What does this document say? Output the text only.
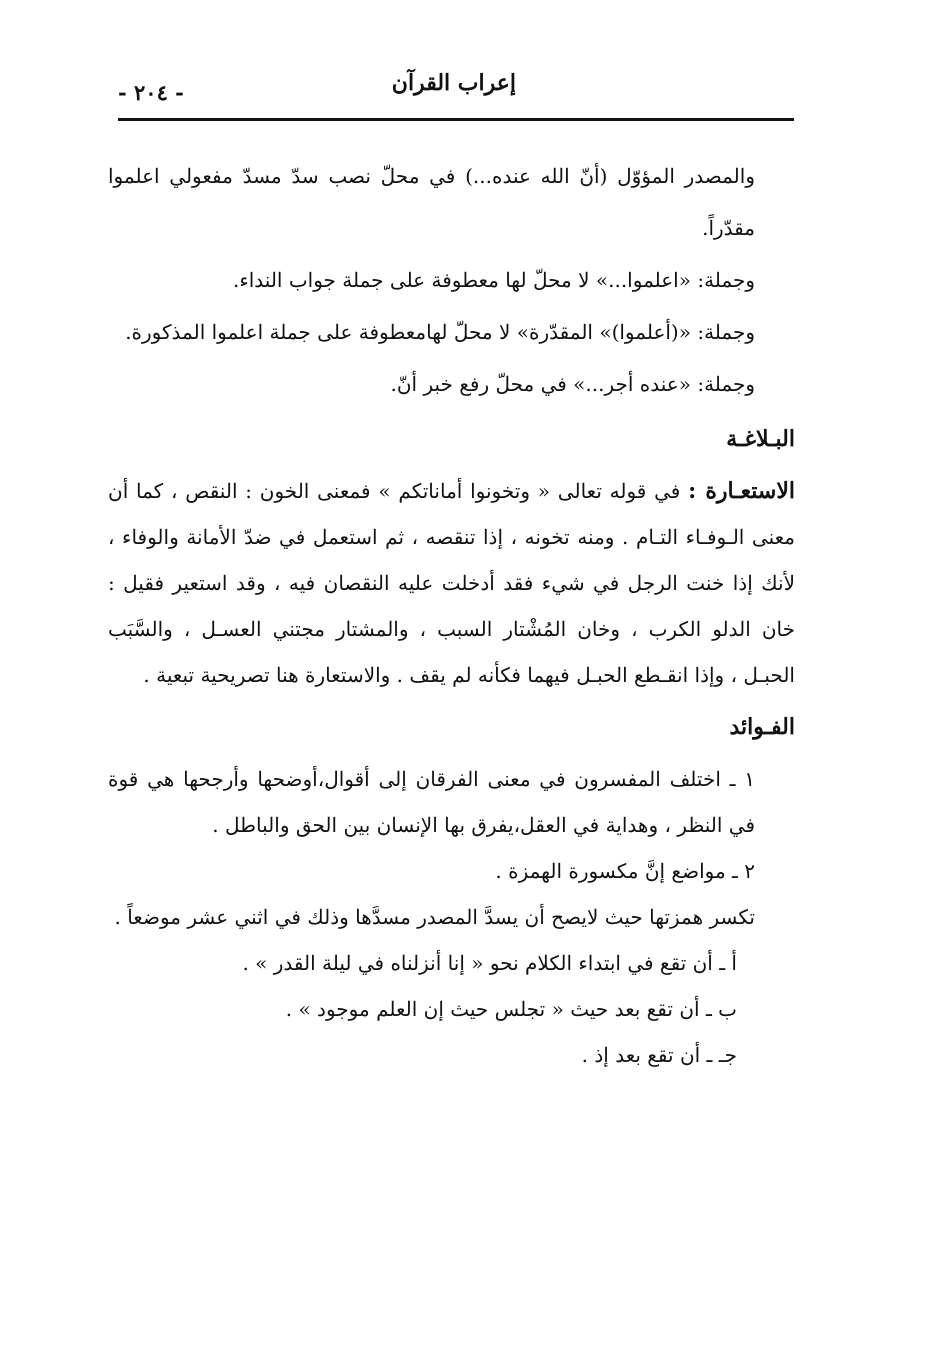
إعراب القرآن
- ٢٠٤ -

والمصدر المؤوّل (أنّ الله عنده...) في محلّ نصب سدّ مسدّ مفعولي اعلموا مقدّراً.

وجملة: «اعلموا...» لا محلّ لها معطوفة على جملة جواب النداء.

وجملة: «(أعلموا)» المقدّرة» لا محلّ لهامعطوفة على جملة اعلموا المذكورة.

وجملة: «عنده أجر...» في محلّ رفع خبر أنّ.

البـلاغـة

الاستعـارة : في قوله تعالى « وتخونوا أماناتكم » فمعنى الخون : النقص ، كما أن معنى الـوفـاء التـام . ومنه تخونه ، إذا تنقصه ، ثم استعمل في ضدّ الأمانة والوفاء ، لأنك إذا خنت الرجل في شيء فقد أدخلت عليه النقصان فيه ، وقد استعير فقيل : خان الدلو الكرب ، وخان المُشْتار السبب ، والمشتار مجتني العسـل ، والسَّبَب الحبـل ، وإذا انقـطع الحبـل فيهما فكأنه لم يقف . والاستعارة هنا تصريحية تبعية .

الفـوائد

١ ـ اختلف المفسرون في معنى الفرقان إلى أقوال،أوضحها وأرجحها هي قوة في النظر ، وهداية في العقل،يفرق بها الإنسان بين الحق والباطل .

٢ ـ مواضع إنَّ مكسورة الهمزة .

تكسر همزتها حيث لايصح أن يسدَّ المصدر مسدَّها وذلك في اثني عشر موضعاً .

أ ـ أن تقع في ابتداء الكلام نحو « إنا أنزلناه في ليلة القدر » .

ب ـ أن تقع بعد حيث « تجلس حيث إن العلم موجود » .

جـ ـ أن تقع بعد إذ .
